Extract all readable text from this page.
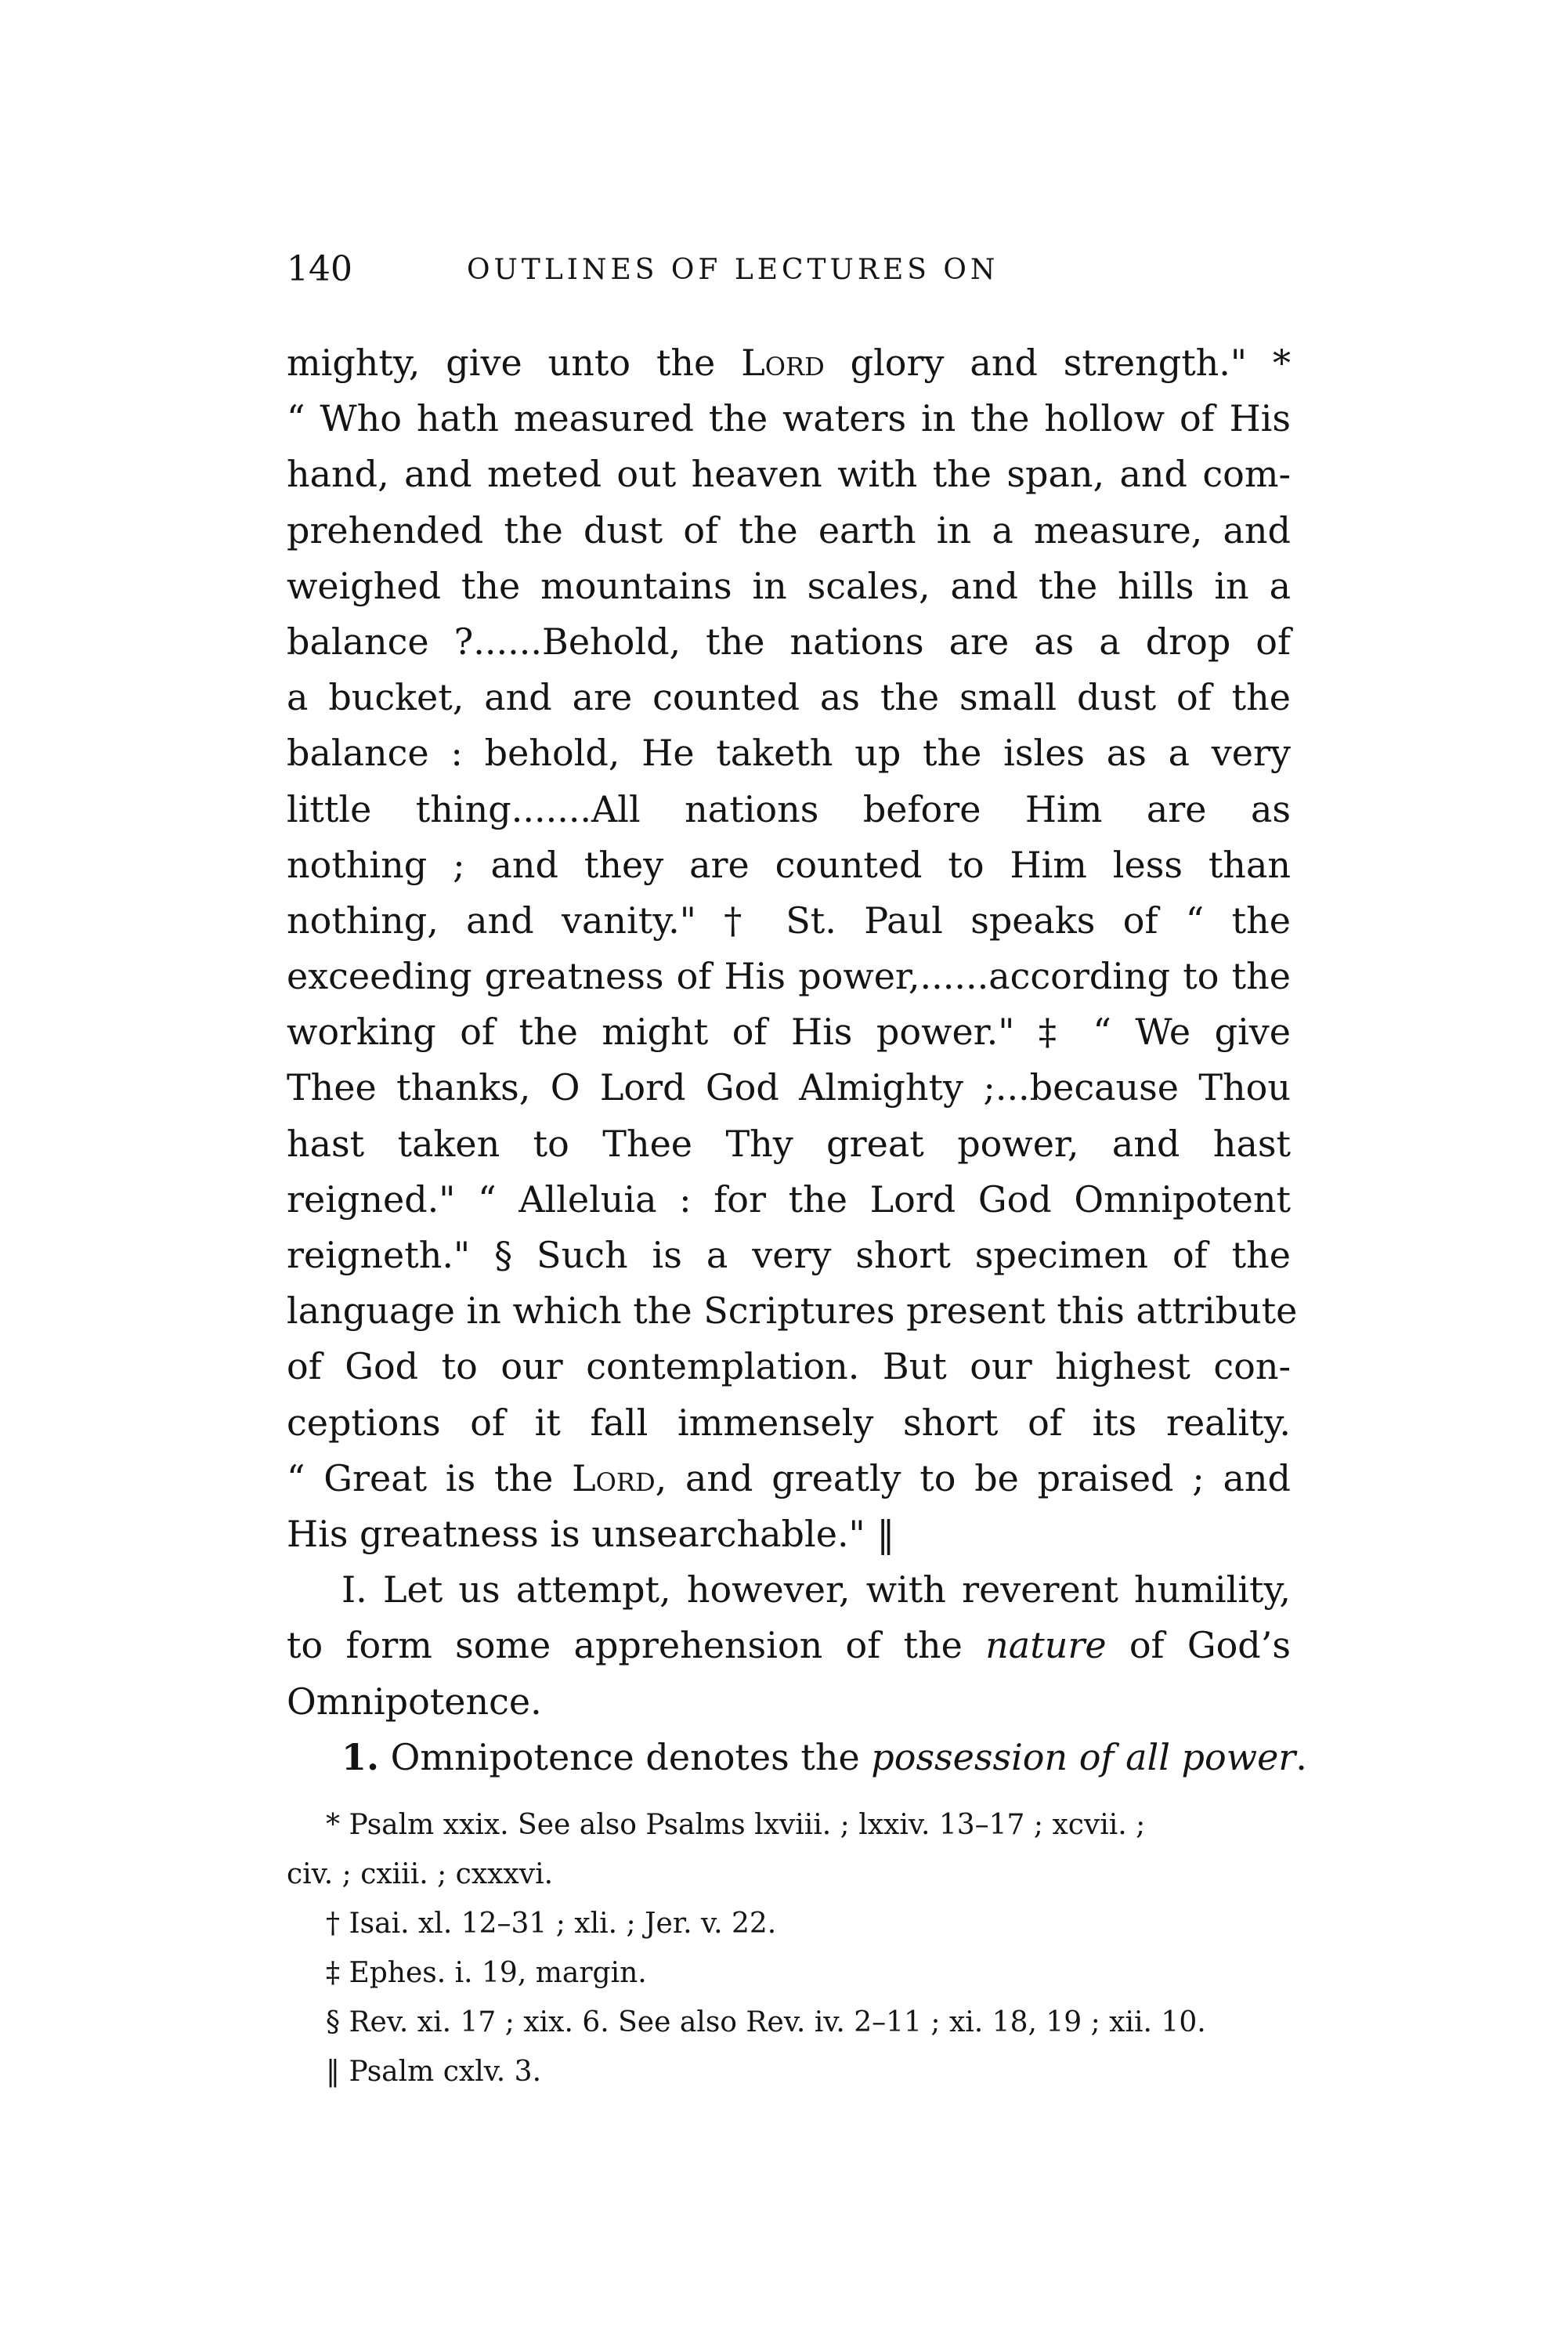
140	OUTLINES OF LECTURES ON
mighty, give unto the Lord glory and strength." *
“ Who hath measured the waters in the hollow of His
hand, and meted out heaven with the span, and com-
prehended the dust of the earth in a measure, and
weighed the mountains in scales, and the hills in a
balance ?......Behold, the nations are as a drop of
a bucket, and are counted as the small dust of the
balance : behold, He taketh up the isles as a very
little thing.......All nations before Him are as
nothing ; and they are counted to Him less than
nothing, and vanity." † St. Paul speaks of “ the
exceeding greatness of His power,......according to the
working of the might of His power." ‡ “ We give
Thee thanks, O Lord God Almighty ;...because Thou
hast taken to Thee Thy great power, and hast
reigned." “ Alleluia : for the Lord God Omnipotent
reigneth." § Such is a very short specimen of the
language in which the Scriptures present this attribute
of God to our contemplation. But our highest con-
ceptions of it fall immensely short of its reality.
“ Great is the Lord, and greatly to be praised ; and
His greatness is unsearchable." ‖
I. Let us attempt, however, with reverent humility,
to form some apprehension of the nature of God’s
Omnipotence.
1. Omnipotence denotes the possession of all power.
* Psalm xxix. See also Psalms lxviii. ; lxxiv. 13–17 ; xcvii. ;
civ. ; cxiii. ; cxxxvi.
† Isai. xl. 12–31 ; xli. ; Jer. v. 22.
‡ Ephes. i. 19, margin.
§ Rev. xi. 17 ; xix. 6. See also Rev. iv. 2–11 ; xi. 18, 19 ; xii. 10.
‖ Psalm cxlv. 3.
